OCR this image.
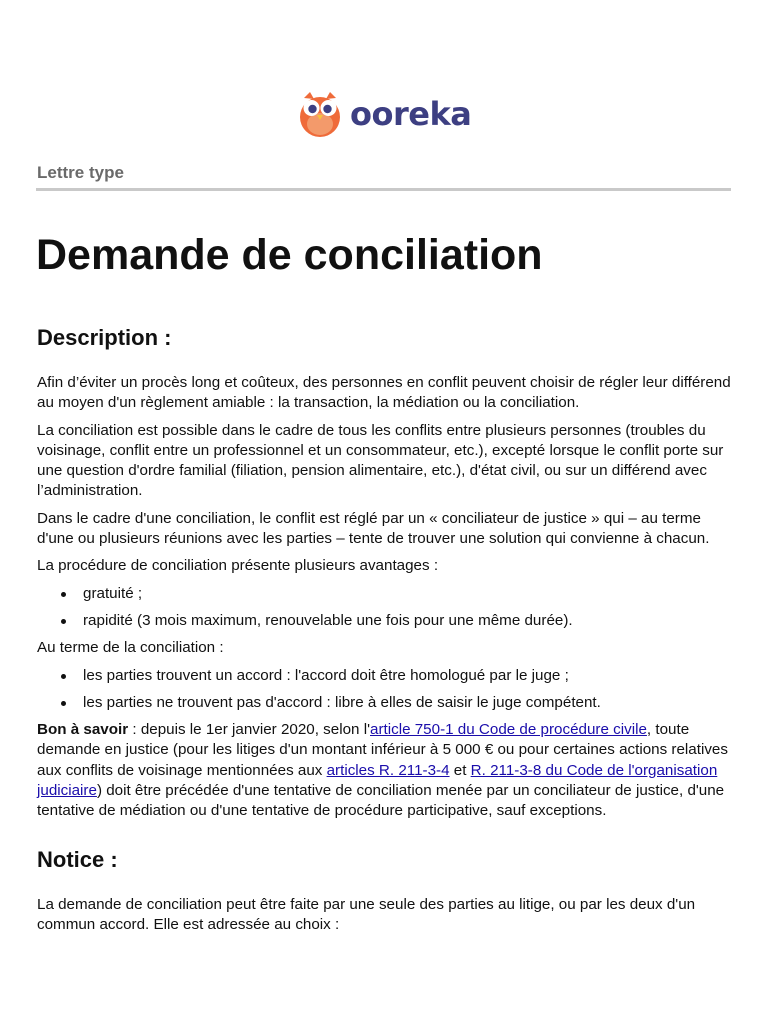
ooreka
Lettre type
Demande de conciliation
Description :

Afin d’éviter un procès long et coûteux, des personnes en conflit peuvent choisir de régler leur différend au moyen d'un règlement amiable : la transaction, la médiation ou la conciliation.

La conciliation est possible dans le cadre de tous les conflits entre plusieurs personnes (troubles du voisinage, conflit entre un professionnel et un consommateur, etc.), excepté lorsque le conflit porte sur une question d'ordre familial (filiation, pension alimentaire, etc.), d'état civil, ou sur un différend avec l’administration.

Dans le cadre d'une conciliation, le conflit est réglé par un « conciliateur de justice » qui – au terme d'une ou plusieurs réunions avec les parties – tente de trouver une solution qui convienne à chacun.

La procédure de conciliation présente plusieurs avantages :

gratuité ;
rapidité (3 mois maximum, renouvelable une fois pour une même durée).

Au terme de la conciliation :

les parties trouvent un accord : l'accord doit être homologué par le juge ;
les parties ne trouvent pas d'accord : libre à elles de saisir le juge compétent.

Bon à savoir : depuis le 1er janvier 2020, selon l'article 750-1 du Code de procédure civile, toute demande en justice (pour les litiges d'un montant inférieur à 5 000 € ou pour certaines actions relatives aux conflits de voisinage mentionnées aux articles R. 211-3-4 et R. 211-3-8 du Code de l'organisation judiciaire) doit être précédée d'une tentative de conciliation menée par un conciliateur de justice, d'une tentative de médiation ou d'une tentative de procédure participative, sauf exceptions.

Notice :

La demande de conciliation peut être faite par une seule des parties au litige, ou par les deux d'un commun accord. Elle est adressée au choix :
